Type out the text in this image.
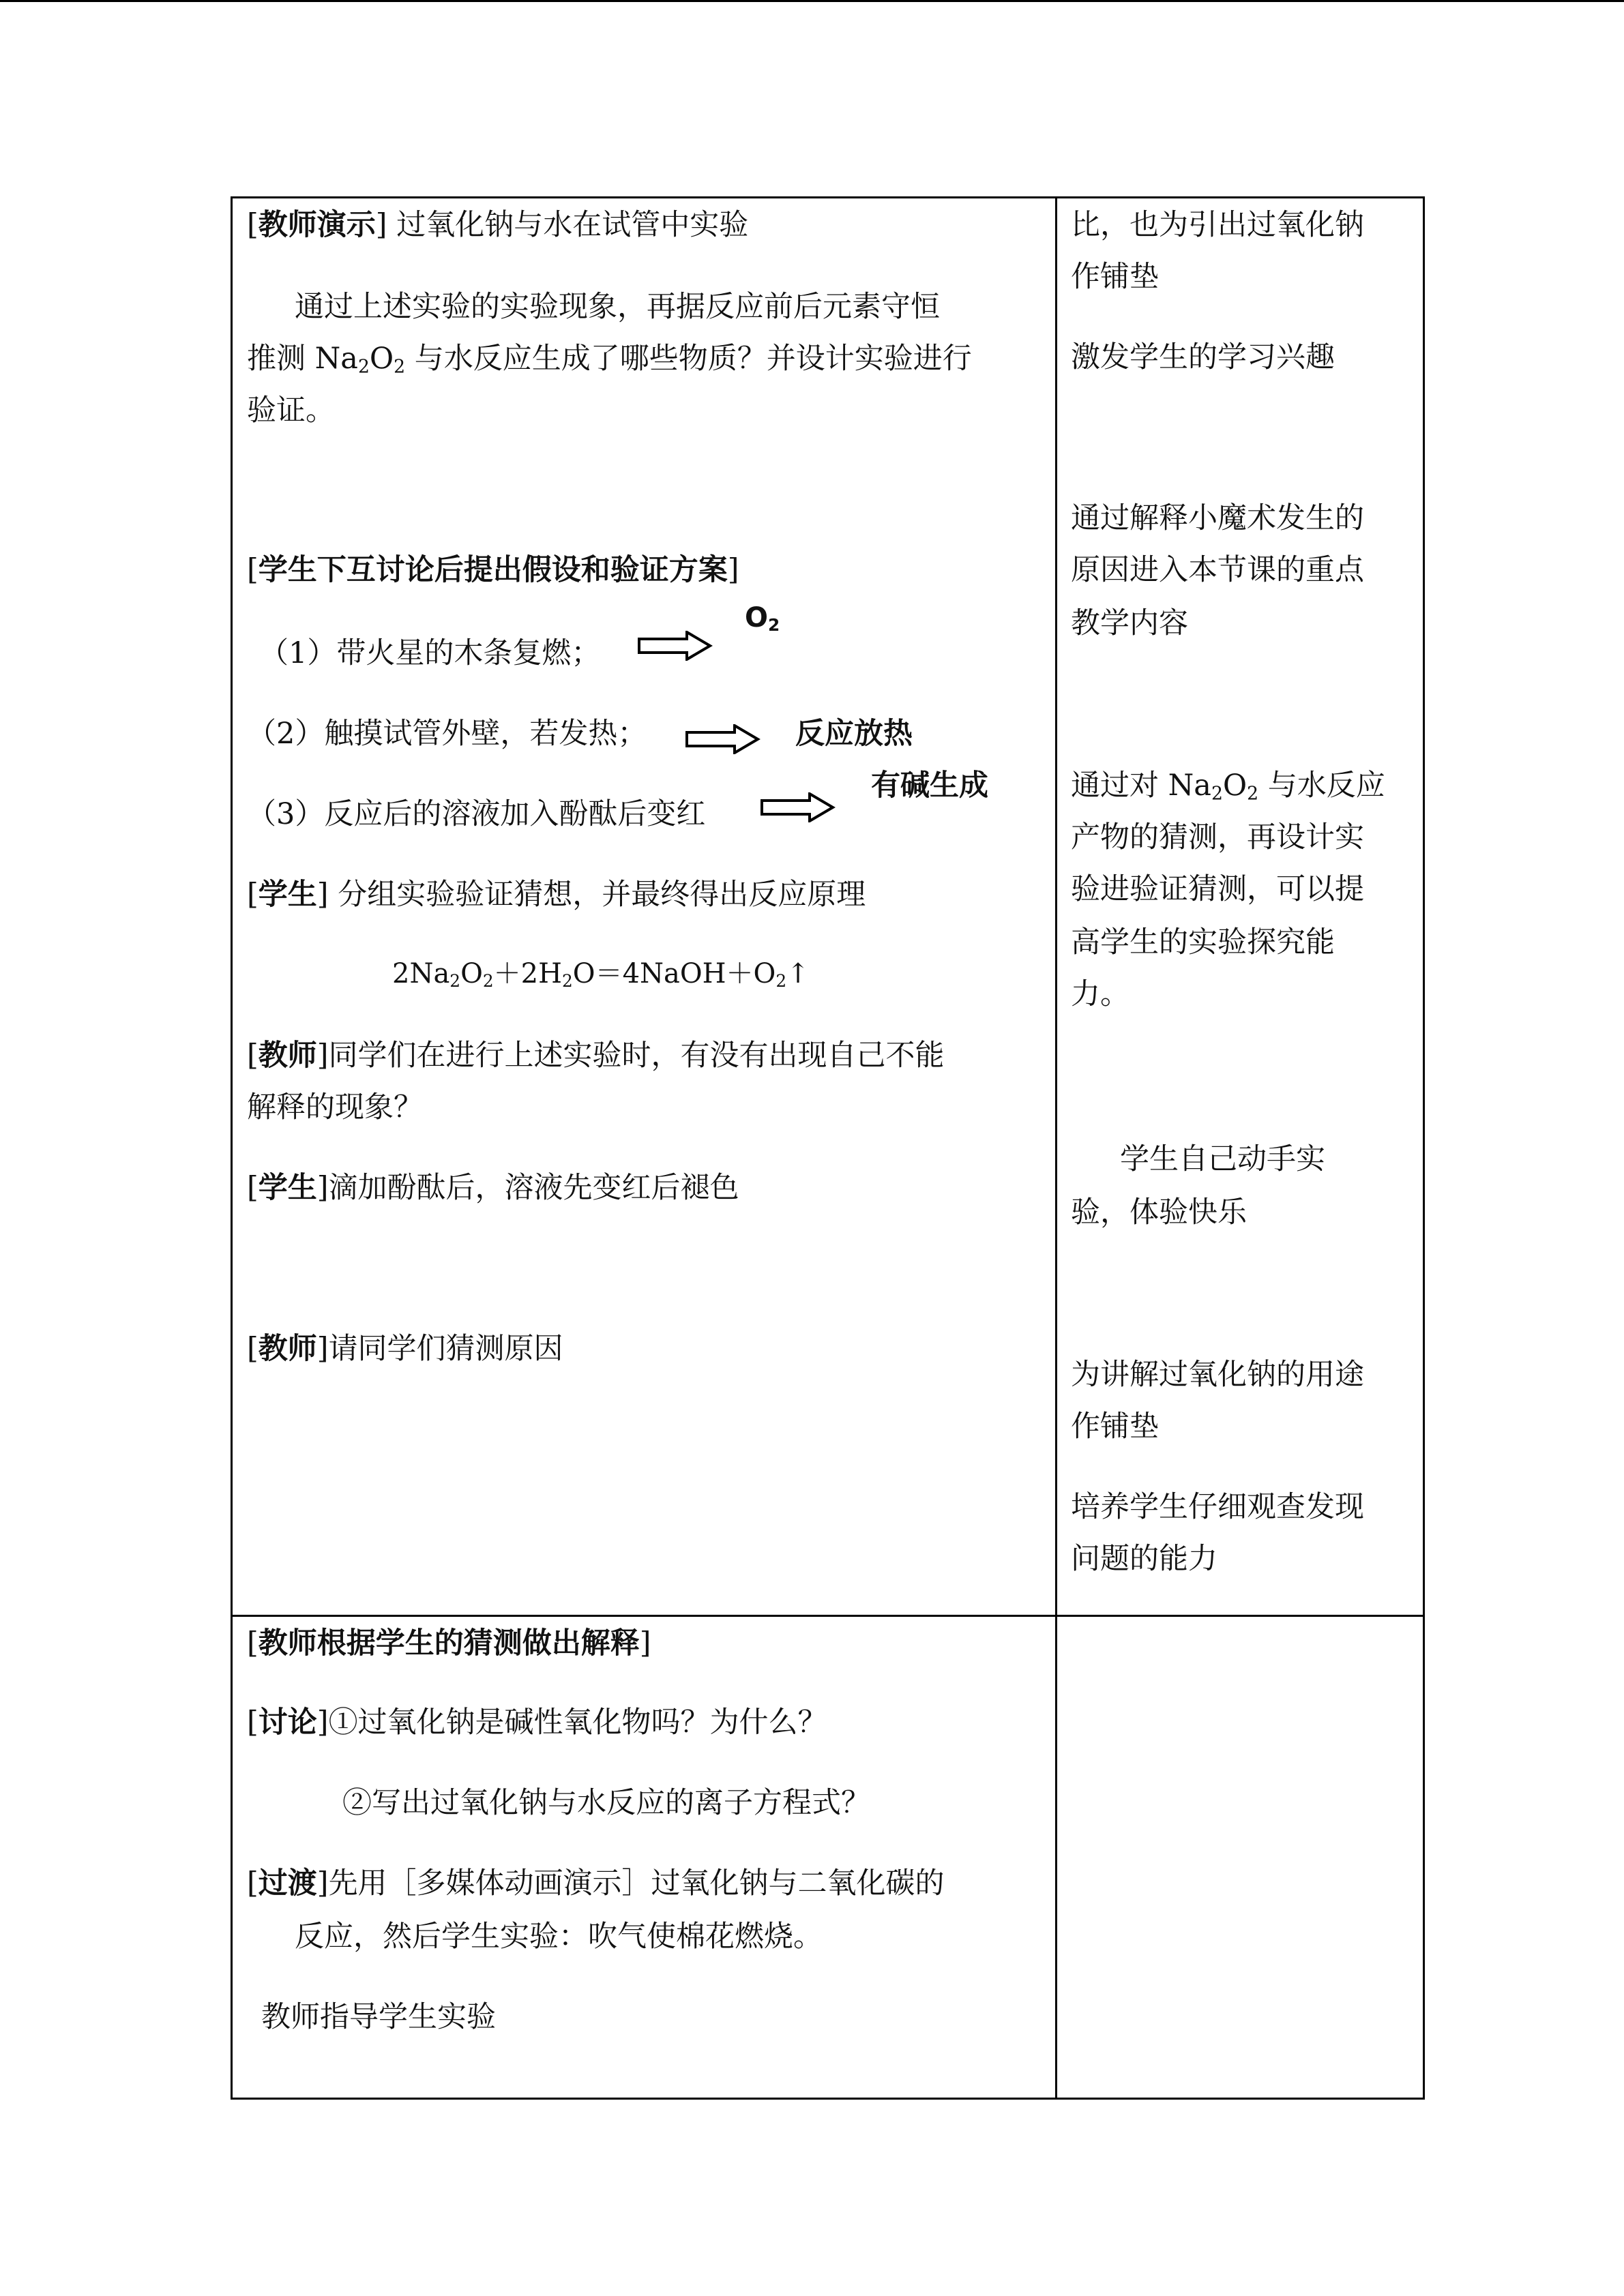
[教师演示] 过氧化钠与水在试管中实验
通过上述实验的实验现象，再据反应前后元素守恒
推测 $Na_2O_2$ 与水反应生成了哪些物质？并设计实验进行
验证。
[学生下互讨论后提出假设和验证方案]
$O_2$
（1）带火星的木条复燃；
（2）触摸试管外壁，若发热；	反应放热
有碱生成
（3）反应后的溶液加入酚酞后变红
[学生] 分组实验验证猜想，并最终得出反应原理
$2Na_2O_2+2H_2O=4NaOH+O_2↑$
[教师]同学们在进行上述实验时，有没有出现自己不能
解释的现象？
[学生]滴加酚酞后，溶液先变红后褪色
[教师]请同学们猜测原因
[教师根据学生的猜测做出解释]
[讨论]①过氧化钠是碱性氧化物吗？为什么？
②写出过氧化钠与水反应的离子方程式？
[过渡]先用［多媒体动画演示］过氧化钠与二氧化碳的
反应，然后学生实验：吹气使棉花燃烧。
教师指导学生实验
比，也为引出过氧化钠
作铺垫
激发学生的学习兴趣
通过解释小魔术发生的
原因进入本节课的重点
教学内容
通过对 $Na_2O_2$ 与水反应
产物的猜测，再设计实
验进验证猜测，可以提
高学生的实验探究能
力。
学生自己动手实
验，体验快乐
为讲解过氧化钠的用途
作铺垫
培养学生仔细观查发现
问题的能力
